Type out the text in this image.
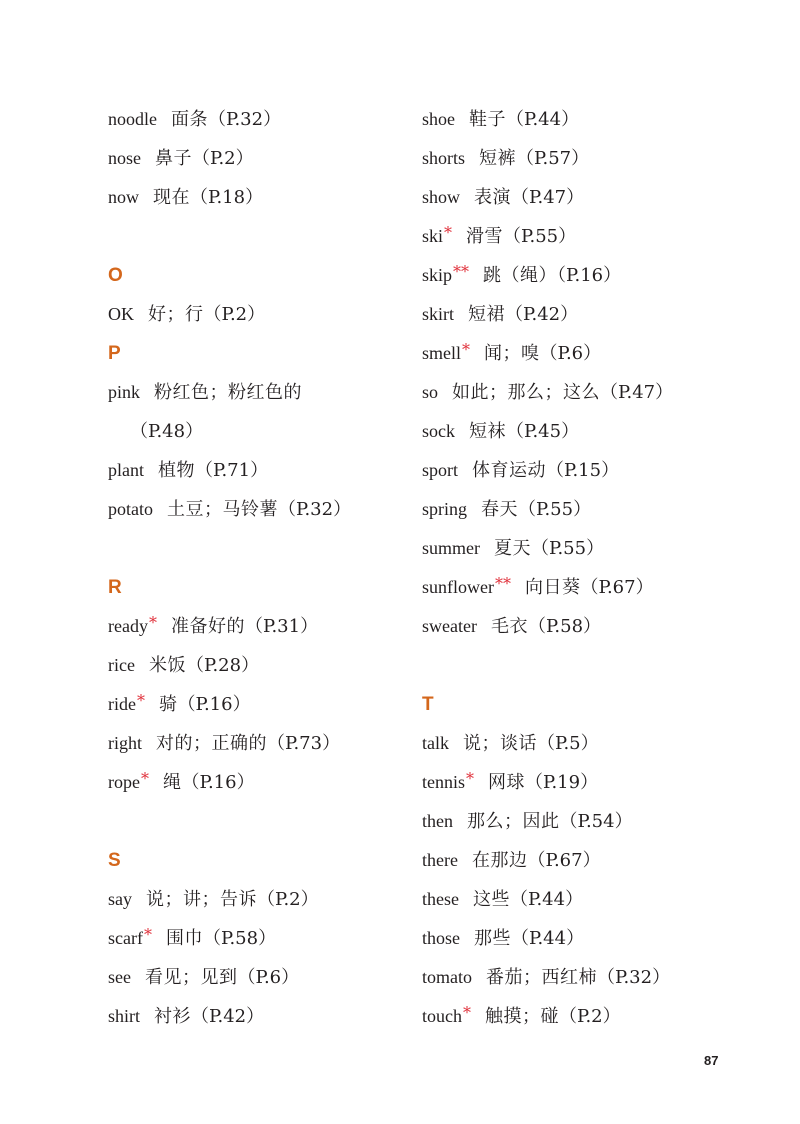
noodle 面条（P.32）
nose 鼻子（P.2）
now 现在（P.18）
O
OK 好；行（P.2）
P
pink 粉红色；粉红色的
（P.48）
plant 植物（P.71）
potato 土豆；马铃薯（P.32）
R
ready* 准备好的（P.31）
rice 米饭（P.28）
ride* 骑（P.16）
right 对的；正确的（P.73）
rope* 绳（P.16）
S
say 说；讲；告诉（P.2）
scarf* 围巾（P.58）
see 看见；见到（P.6）
shirt 衬衫（P.42）
shoe 鞋子（P.44）
shorts 短裤（P.57）
show 表演（P.47）
ski* 滑雪（P.55）
skip** 跳（绳）（P.16）
skirt 短裙（P.42）
smell* 闻；嗅（P.6）
so 如此；那么；这么（P.47）
sock 短袜（P.45）
sport 体育运动（P.15）
spring 春天（P.55）
summer 夏天（P.55）
sunflower** 向日葵（P.67）
sweater 毛衣（P.58）
T
talk 说；谈话（P.5）
tennis* 网球（P.19）
then 那么；因此（P.54）
there 在那边（P.67）
these 这些（P.44）
those 那些（P.44）
tomato 番茄；西红柿（P.32）
touch* 触摸；碰（P.2）
87
